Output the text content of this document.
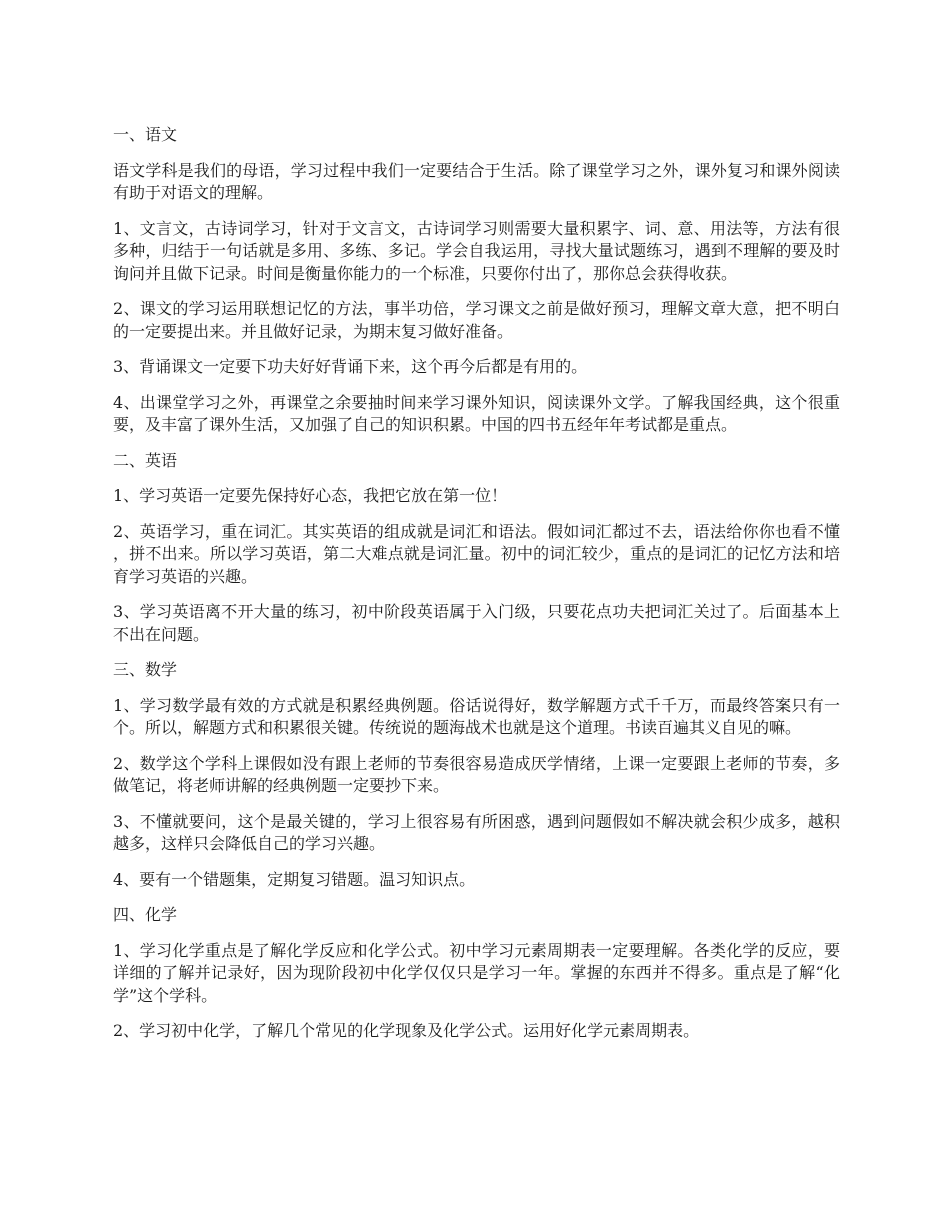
一、语文

语文学科是我们的母语，学习过程中我们一定要结合于生活。除了课堂学习之外，课外复习和课外阅读有助于对语文的理解。

1、文言文，古诗词学习，针对于文言文，古诗词学习则需要大量积累字、词、意、用法等，方法有很多种，归结于一句话就是多用、多练、多记。学会自我运用，寻找大量试题练习，遇到不理解的要及时询问并且做下记录。时间是衡量你能力的一个标准，只要你付出了，那你总会获得收获。

2、课文的学习运用联想记忆的方法，事半功倍，学习课文之前是做好预习，理解文章大意，把不明白的一定要提出来。并且做好记录，为期末复习做好准备。

3、背诵课文一定要下功夫好好背诵下来，这个再今后都是有用的。

4、出课堂学习之外，再课堂之余要抽时间来学习课外知识，阅读课外文学。了解我国经典，这个很重要，及丰富了课外生活，又加强了自己的知识积累。中国的四书五经年年考试都是重点。

二、英语

1、学习英语一定要先保持好心态，我把它放在第一位！

2、英语学习，重在词汇。其实英语的组成就是词汇和语法。假如词汇都过不去，语法给你你也看不懂，拼不出来。所以学习英语，第二大难点就是词汇量。初中的词汇较少，重点的是词汇的记忆方法和培育学习英语的兴趣。

3、学习英语离不开大量的练习，初中阶段英语属于入门级，只要花点功夫把词汇关过了。后面基本上不出在问题。

三、数学

1、学习数学最有效的方式就是积累经典例题。俗话说得好，数学解题方式千千万，而最终答案只有一个。所以，解题方式和积累很关键。传统说的题海战术也就是这个道理。书读百遍其义自见的嘛。

2、数学这个学科上课假如没有跟上老师的节奏很容易造成厌学情绪，上课一定要跟上老师的节奏，多做笔记，将老师讲解的经典例题一定要抄下来。

3、不懂就要问，这个是最关键的，学习上很容易有所困惑，遇到问题假如不解决就会积少成多，越积越多，这样只会降低自己的学习兴趣。

4、要有一个错题集，定期复习错题。温习知识点。

四、化学

1、学习化学重点是了解化学反应和化学公式。初中学习元素周期表一定要理解。各类化学的反应，要详细的了解并记录好，因为现阶段初中化学仅仅只是学习一年。掌握的东西并不得多。重点是了解“化学”这个学科。

2、学习初中化学，了解几个常见的化学现象及化学公式。运用好化学元素周期表。
